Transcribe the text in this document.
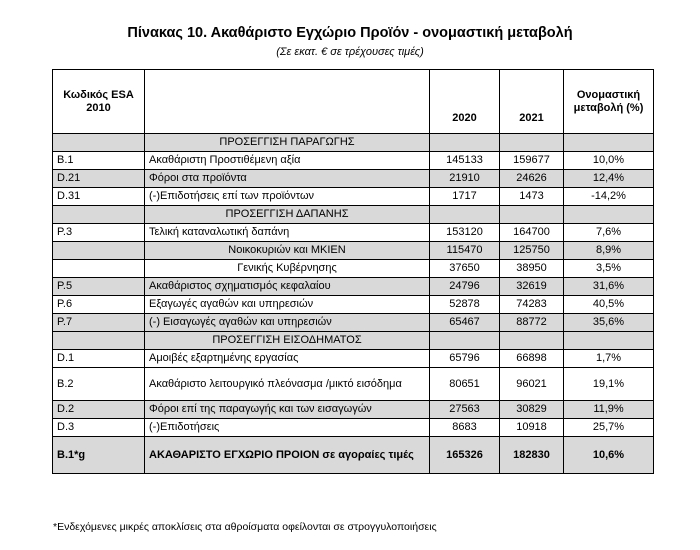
Πίνακας 10. Ακαθάριστο Εγχώριο Προϊόν - ονομαστική μεταβολή
(Σε εκατ. € σε τρέχουσες τιμές)
Κωδικός ESA 2010		2020	2021	Ονομαστική μεταβολή (%)
	ΠΡΟΣΕΓΓΙΣΗ ΠΑΡΑΓΩΓΗΣ			
B.1	Ακαθάριστη Προστιθέμενη αξία	145133	159677	10,0%
D.21	Φόροι στα προϊόντα	21910	24626	12,4%
D.31	(-)Επιδοτήσεις επί των προϊόντων	1717	1473	-14,2%
	ΠΡΟΣΕΓΓΙΣΗ ΔΑΠΑΝΗΣ			
P.3	Τελική καταναλωτική δαπάνη	153120	164700	7,6%
	Νοικοκυριών και ΜΚΙΕΝ	115470	125750	8,9%
	Γενικής Κυβέρνησης	37650	38950	3,5%
P.5	Ακαθάριστος σχηματισμός κεφαλαίου	24796	32619	31,6%
P.6	Εξαγωγές αγαθών και υπηρεσιών	52878	74283	40,5%
P.7	(-) Εισαγωγές αγαθών και υπηρεσιών	65467	88772	35,6%
	ΠΡΟΣΕΓΓΙΣΗ ΕΙΣΟΔΗΜΑΤΟΣ			
D.1	Αμοιβές εξαρτημένης εργασίας	65796	66898	1,7%
B.2	Ακαθάριστο λειτουργικό πλεόνασμα /μικτό εισόδημα	80651	96021	19,1%
D.2	Φόροι επί της παραγωγής και των εισαγωγών	27563	30829	11,9%
D.3	(-)Επιδοτήσεις	8683	10918	25,7%
B.1*g	ΑΚΑΘΑΡΙΣΤΟ ΕΓΧΩΡΙΟ ΠΡΟΙΟΝ σε αγοραίες τιμές	165326	182830	10,6%
*Ενδεχόμενες μικρές αποκλίσεις στα αθροίσματα οφείλονται σε στρογγυλοποιήσεις
